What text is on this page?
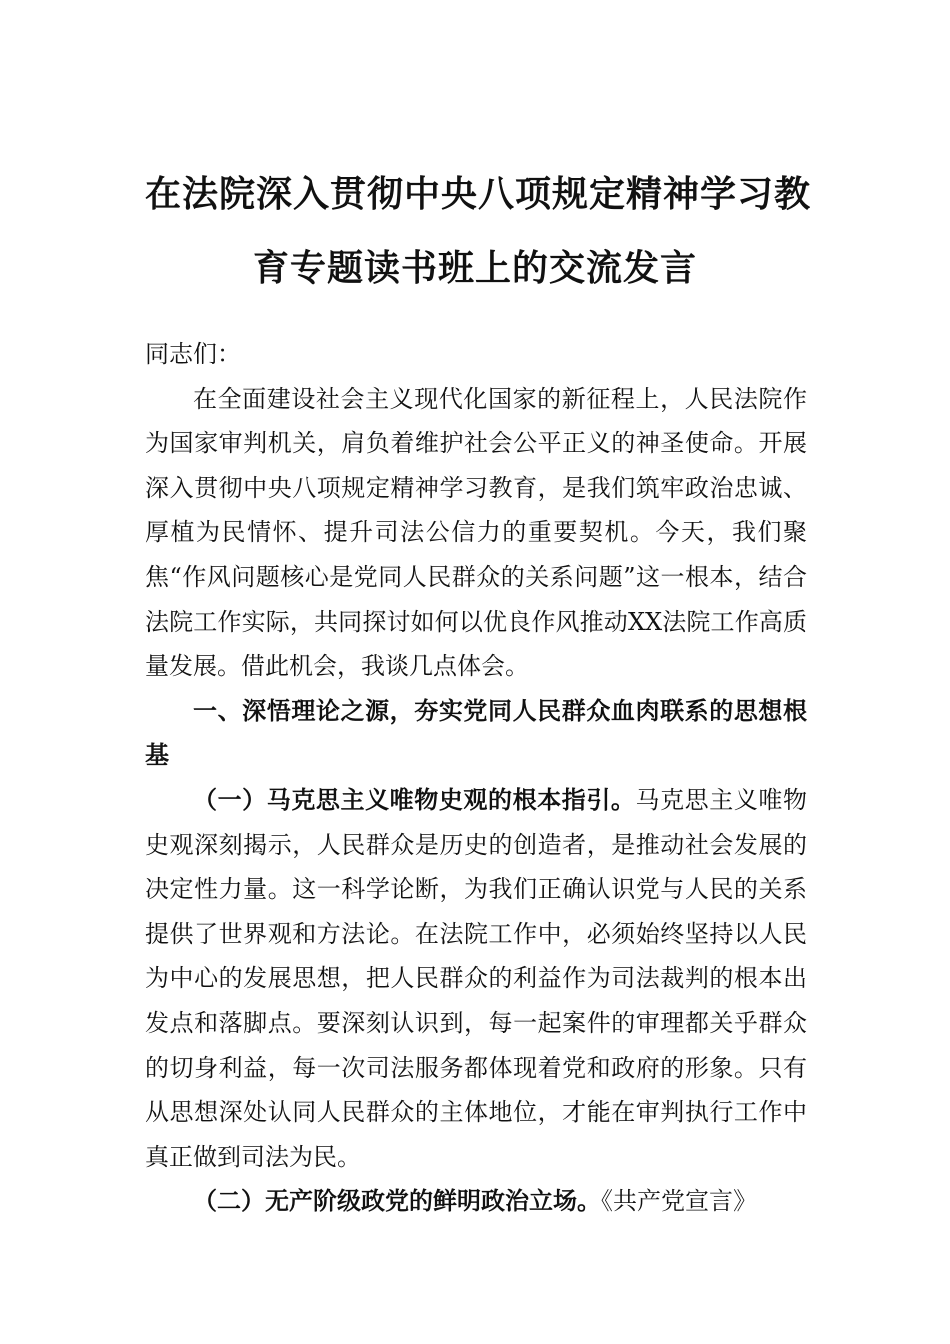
在法院深入贯彻中央八项规定精神学习教
育专题读书班上的交流发言

同志们：

在全面建设社会主义现代化国家的新征程上，人民法院作为国家审判机关，肩负着维护社会公平正义的神圣使命。开展深入贯彻中央八项规定精神学习教育，是我们筑牢政治忠诚、厚植为民情怀、提升司法公信力的重要契机。今天，我们聚焦“作风问题核心是党同人民群众的关系问题”这一根本，结合法院工作实际，共同探讨如何以优良作风推动XX法院工作高质量发展。借此机会，我谈几点体会。

一、深悟理论之源，夯实党同人民群众血肉联系的思想根基

（一）马克思主义唯物史观的根本指引。马克思主义唯物史观深刻揭示，人民群众是历史的创造者，是推动社会发展的决定性力量。这一科学论断，为我们正确认识党与人民的关系提供了世界观和方法论。在法院工作中，必须始终坚持以人民为中心的发展思想，把人民群众的利益作为司法裁判的根本出发点和落脚点。要深刻认识到，每一起案件的审理都关乎群众的切身利益，每一次司法服务都体现着党和政府的形象。只有从思想深处认同人民群众的主体地位，才能在审判执行工作中真正做到司法为民。

（二）无产阶级政党的鲜明政治立场。《共产党宣言》
